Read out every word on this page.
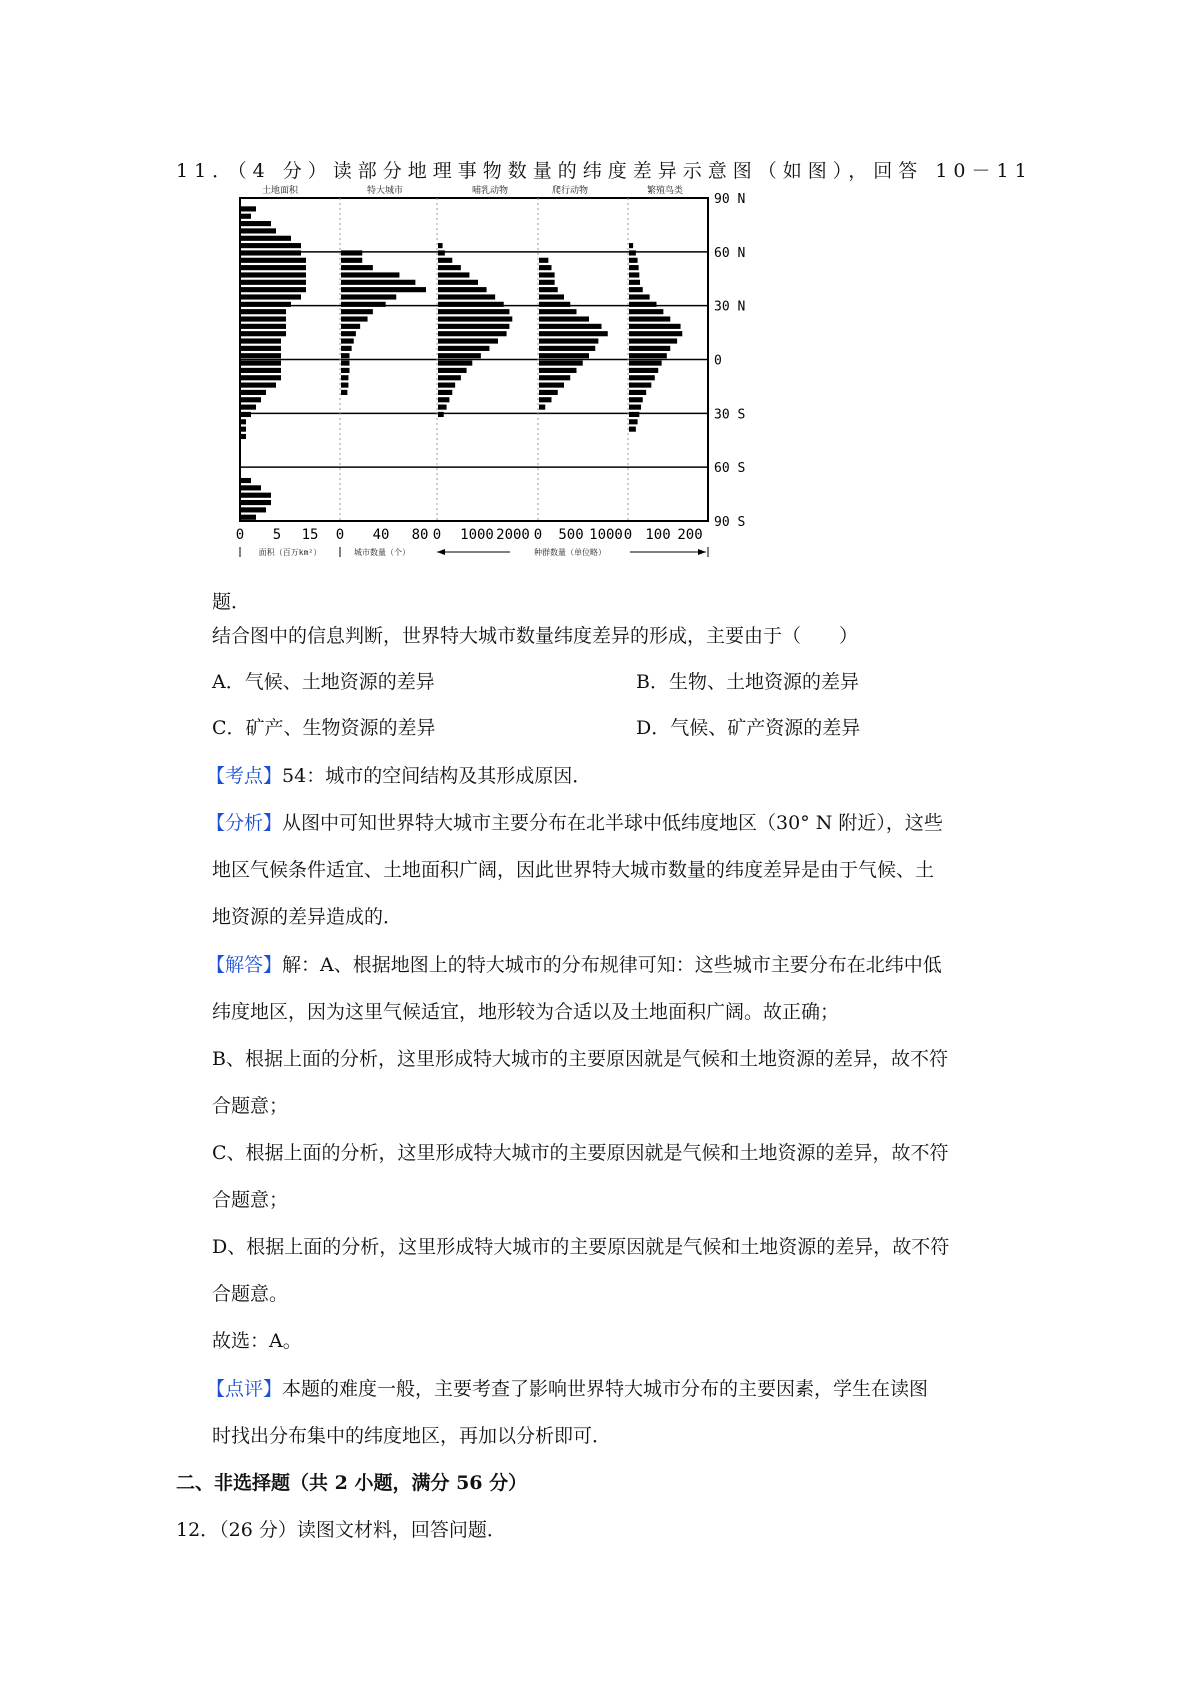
11．（4 分）读部分地理事物数量的纬度差异示意图（如图），回答 10－11
土地面积	特大城市	哺乳动物	爬行动物	繁殖鸟类
90 N
60 N
30 N
0
30 S
60 S
90 S
0 5 15 0 40 80 0 1000 2000 0 500 1000 0 100 200
面积（百万km²）	城市数量（个）	种群数量（单位略）
题．
结合图中的信息判断，世界特大城市数量纬度差异的形成，主要由于（　　）
A．气候、土地资源的差异	B．生物、土地资源的差异
C．矿产、生物资源的差异	D．气候、矿产资源的差异
【考点】54：城市的空间结构及其形成原因．
【分析】从图中可知世界特大城市主要分布在北半球中低纬度地区（30° N 附近），这些
地区气候条件适宜、土地面积广阔，因此世界特大城市数量的纬度差异是由于气候、土
地资源的差异造成的．
【解答】解：A、根据地图上的特大城市的分布规律可知：这些城市主要分布在北纬中低
纬度地区，因为这里气候适宜，地形较为合适以及土地面积广阔。故正确；
B、根据上面的分析，这里形成特大城市的主要原因就是气候和土地资源的差异，故不符
合题意；
C、根据上面的分析，这里形成特大城市的主要原因就是气候和土地资源的差异，故不符
合题意；
D、根据上面的分析，这里形成特大城市的主要原因就是气候和土地资源的差异，故不符
合题意。
故选：A。
【点评】本题的难度一般，主要考查了影响世界特大城市分布的主要因素，学生在读图
时找出分布集中的纬度地区，再加以分析即可．
二、非选择题（共 2 小题，满分 56 分）
12．（26 分）读图文材料，回答问题．
